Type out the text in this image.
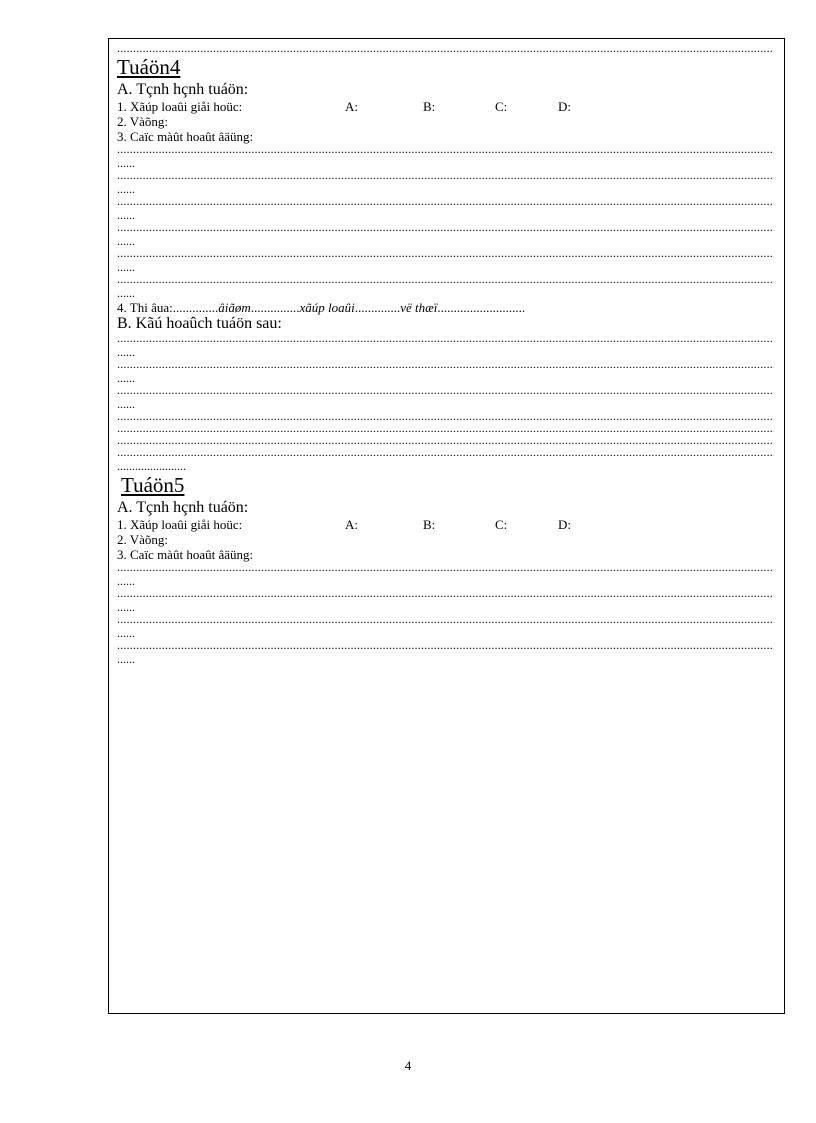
.....
Tuáön4
A. Tçnh hçnh tuáön:
1. Xãúp loaûi giåi hoüc:	A:	B:	C:	D:
2. Vàõng:
3. Caïc màût hoaût âäüng:
.....
......
.....
......
.....
......
.....
......
.....
......
.....
......
4. Thi âua:..............âiãøm...............xãúp loaûi..............vë thæï...........................
B. Kãú hoaûch tuáön sau:
.....
......
.....
......
.....
......
.....
.....
.....
.....
.....
Tuáön5
A. Tçnh hçnh tuáön:
1. Xãúp loaûi giåi hoüc:	A:	B:	C:	D:
2. Vàõng:
3. Caïc màût hoaût âäüng:
.....
......
.....
......
.....
......
.....
......
4
